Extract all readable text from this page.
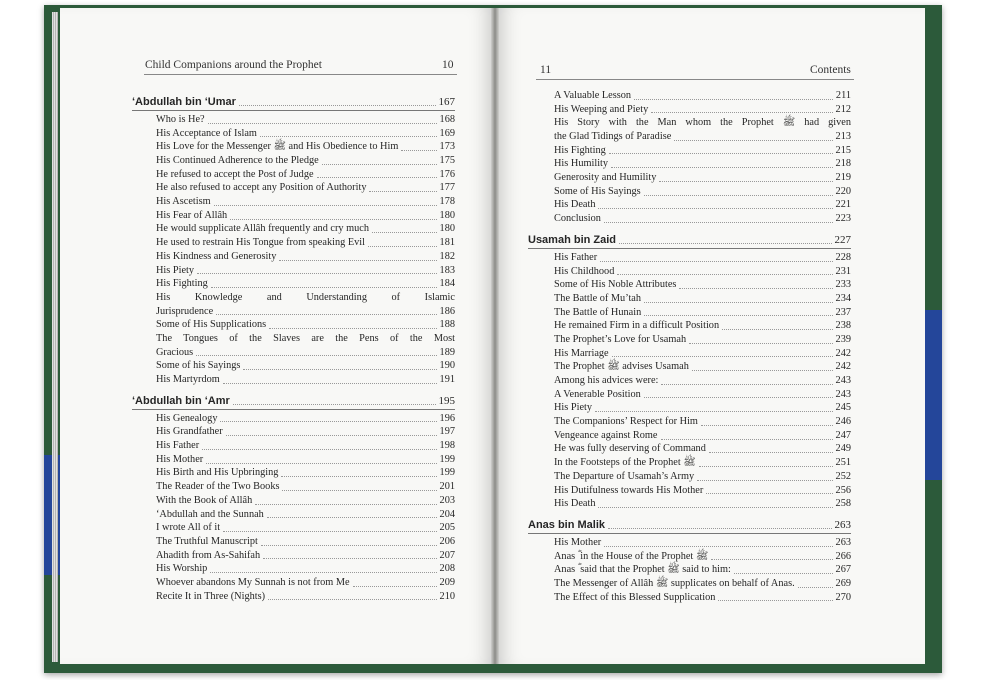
Child Companions around the Prophet	10	11	Contents
‘Abdullah bin ‘Umar	167
Who is He?	168
His Acceptance of Islam	169
His Love for the Messenger ﷺ and His Obedience to Him	173
His Continued Adherence to the Pledge	175
He refused to accept the Post of Judge	176
He also refused to accept any Position of Authority	177
His Ascetism	178
His Fear of Allâh	180
He would supplicate Allâh frequently and cry much	180
He used to restrain His Tongue from speaking Evil	181
His Kindness and Generosity	182
His Piety	183
His Fighting	184
His Knowledge and Understanding of Islamic
Jurisprudence	186
Some of His Supplications	188
The Tongues of the Slaves are the Pens of the Most
Gracious	189
Some of his Sayings	190
His Martyrdom	191
‘Abdullah bin ‘Amr	195
His Genealogy	196
His Grandfather	197
His Father	198
His Mother	199
His Birth and His Upbringing	199
The Reader of the Two Books	201
With the Book of Allâh	203
‘Abdullah and the Sunnah	204
I wrote All of it	205
The Truthful Manuscript	206
Ahadith from As-Sahifah	207
His Worship	208
Whoever abandons My Sunnah is not from Me	209
Recite It in Three (Nights)	210
A Valuable Lesson	211
His Weeping and Piety	212
His Story with the Man whom the Prophet ﷺ had given
the Glad Tidings of Paradise	213
His Fighting	215
His Humility	218
Generosity and Humility	219
Some of His Sayings	220
His Death	221
Conclusion	223
Usamah bin Zaid	227
His Father	228
His Childhood	231
Some of His Noble Attributes	233
The Battle of Mu’tah	234
The Battle of Hunain	237
He remained Firm in a difficult Position	238
The Prophet’s Love for Usamah	239
His Marriage	242
The Prophet ﷺ advises Usamah	242
Among his advices were:	243
A Venerable Position	243
His Piety	245
The Companions’ Respect for Him	246
Vengeance against Rome	247
He was fully deserving of Command	249
In the Footsteps of the Prophet ﷺ	251
The Departure of Usamah’s Army	252
His Dutifulness towards His Mother	256
His Death	258
Anas bin Malik	263
His Mother	263
Anas ؓ in the House of the Prophet ﷺ	266
Anas ؓ said that the Prophet ﷺ said to him:	267
The Messenger of Allâh ﷺ supplicates on behalf of Anas.	269
The Effect of this Blessed Supplication	270
